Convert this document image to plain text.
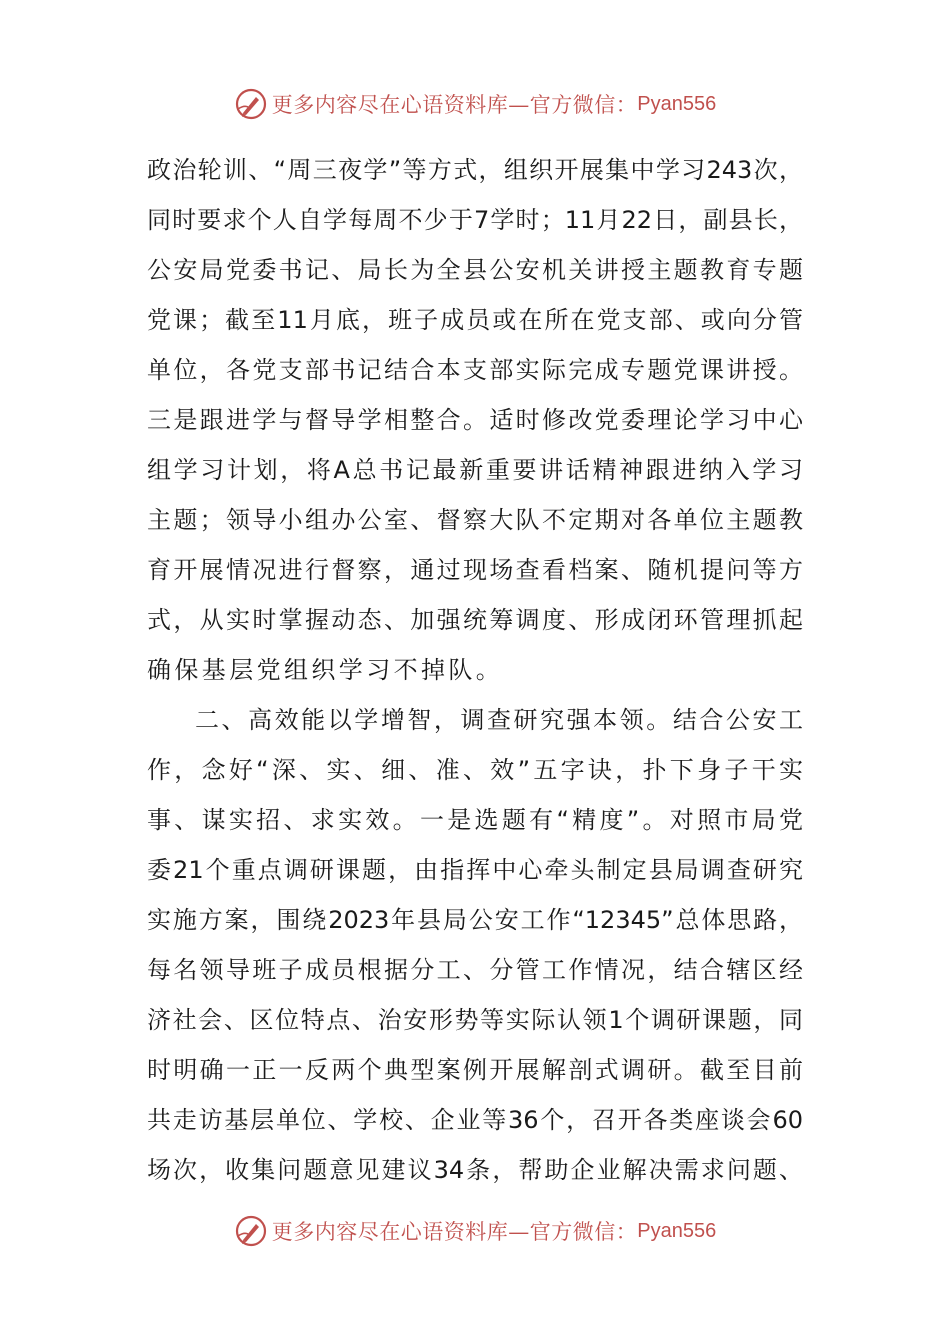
更多内容尽在心语资料库—官方微信： Pyan556
政治轮训、“周三夜学”等方式，组织开展集中学习243次，
同时要求个人自学每周不少于7学时；11月22日，副县长，
公安局党委书记、局长为全县公安机关讲授主题教育专题
党课；截至11月底，班子成员或在所在党支部、或向分管
单位，各党支部书记结合本支部实际完成专题党课讲授。
三是跟进学与督导学相整合。适时修改党委理论学习中心
组学习计划，将A总书记最新重要讲话精神跟进纳入学习
主题；领导小组办公室、督察大队不定期对各单位主题教
育开展情况进行督察，通过现场查看档案、随机提问等方
式，从实时掌握动态、加强统筹调度、形成闭环管理抓起
确保基层党组织学习不掉队。
二、高效能以学增智，调查研究强本领。结合公安工
作，念好“深、实、细、准、效”五字诀，扑下身子干实
事、谋实招、求实效。一是选题有“精度”。对照市局党
委21个重点调研课题，由指挥中心牵头制定县局调查研究
实施方案，围绕2023年县局公安工作“12345”总体思路，
每名领导班子成员根据分工、分管工作情况，结合辖区经
济社会、区位特点、治安形势等实际认领1个调研课题，同
时明确一正一反两个典型案例开展解剖式调研。截至目前
共走访基层单位、学校、企业等36个，召开各类座谈会60
场次，收集问题意见建议34条，帮助企业解决需求问题、
更多内容尽在心语资料库—官方微信： Pyan556
